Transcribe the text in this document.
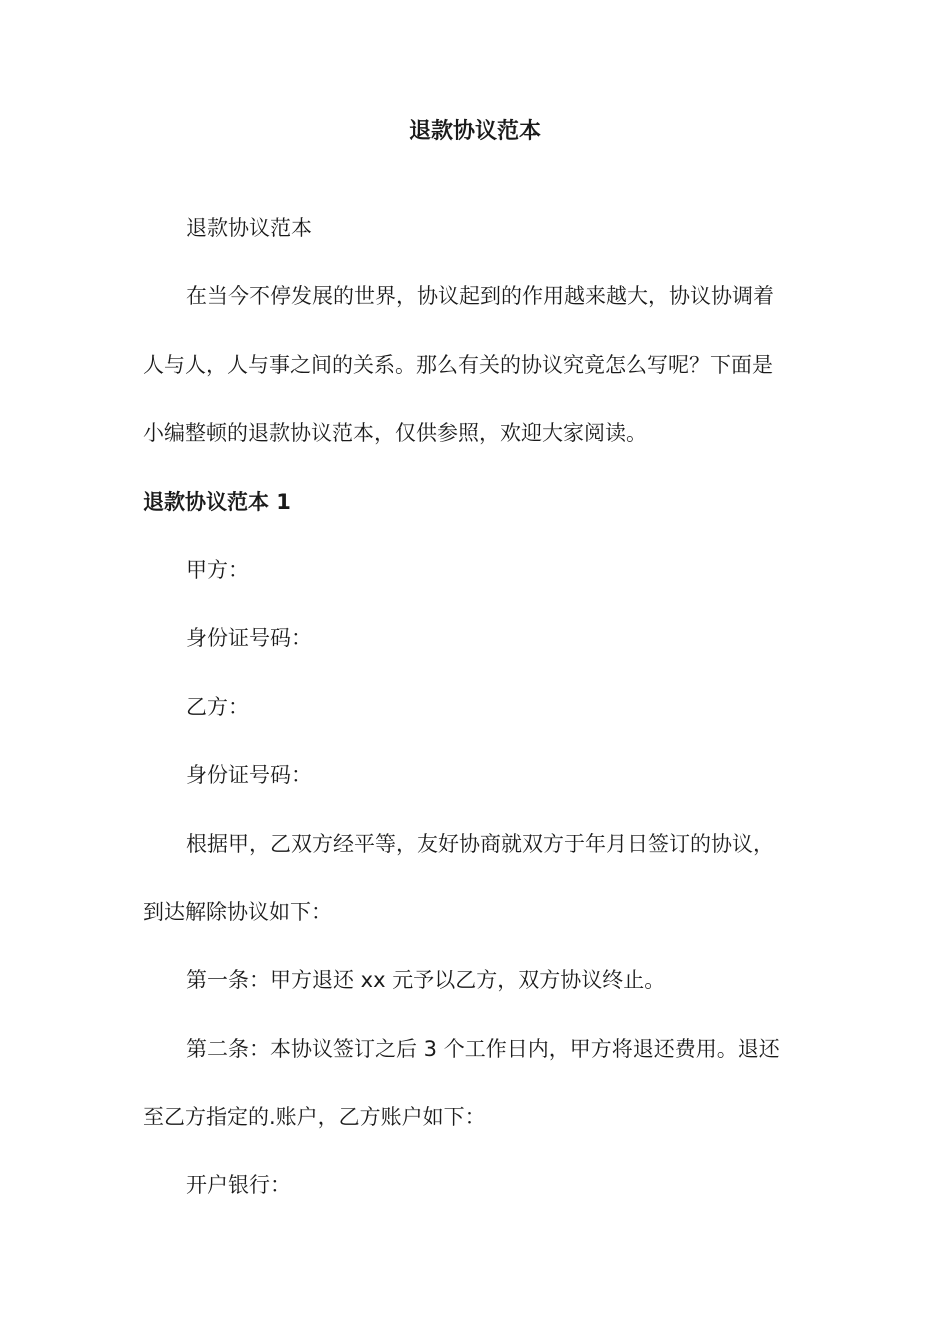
退款协议范本

退款协议范本

在当今不停发展的世界，协议起到的作用越来越大，协议协调着

人与人，人与事之间的关系。那么有关的协议究竟怎么写呢？下面是

小编整顿的退款协议范本，仅供参照，欢迎大家阅读。

退款协议范本 1

甲方：

身份证号码：

乙方：

身份证号码：

根据甲，乙双方经平等，友好协商就双方于年月日签订的协议，

到达解除协议如下：

第一条：甲方退还 xx 元予以乙方，双方协议终止。

第二条：本协议签订之后 3 个工作日内，甲方将退还费用。退还

至乙方指定的.账户，乙方账户如下：

开户银行：
